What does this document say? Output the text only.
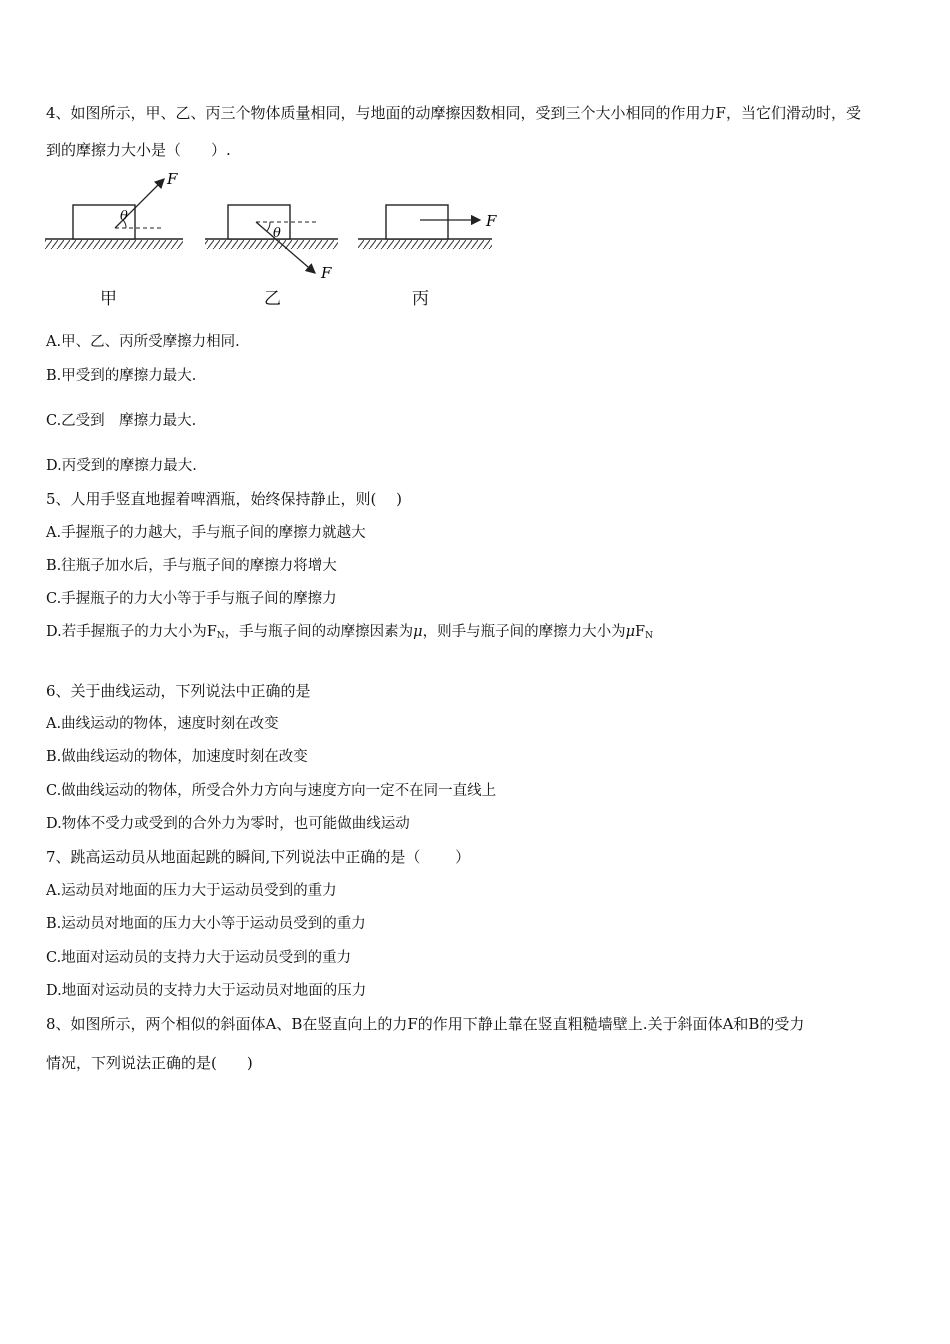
4、如图所示，甲、乙、丙三个物体质量相同，与地面的动摩擦因数相同，受到三个大小相同的作用力F，当它们滑动时，受
到的摩擦力大小是（　　）.
θ
F
θ
F
F
甲	乙	丙
A.甲、乙、丙所受摩擦力相同.
B.甲受到的摩擦力最大.
C.乙受到　摩擦力最大.
D.丙受到的摩擦力最大.
5、人用手竖直地握着啤酒瓶，始终保持静止，则(　 )
A.手握瓶子的力越大，手与瓶子间的摩擦力就越大
B.往瓶子加水后，手与瓶子间的摩擦力将增大
C.手握瓶子的力大小等于手与瓶子间的摩擦力
D.若手握瓶子的力大小为$F_N$，手与瓶子间的动摩擦因素为μ，则手与瓶子间的摩擦力大小为$\mu F_N$
6、关于曲线运动，下列说法中正确的是
A.曲线运动的物体，速度时刻在改变
B.做曲线运动的物体，加速度时刻在改变
C.做曲线运动的物体，所受合外力方向与速度方向一定不在同一直线上
D.物体不受力或受到的合外力为零时，也可能做曲线运动
7、跳高运动员从地面起跳的瞬间,下列说法中正确的是（　　 ）
A.运动员对地面的压力大于运动员受到的重力
B.运动员对地面的压力大小等于运动员受到的重力
C.地面对运动员的支持力大于运动员受到的重力
D.地面对运动员的支持力大于运动员对地面的压力
8、如图所示，两个相似的斜面体A、B在竖直向上的力F的作用下静止靠在竖直粗糙墙壁上.关于斜面体A和B的受力
情况，下列说法正确的是(　　)
